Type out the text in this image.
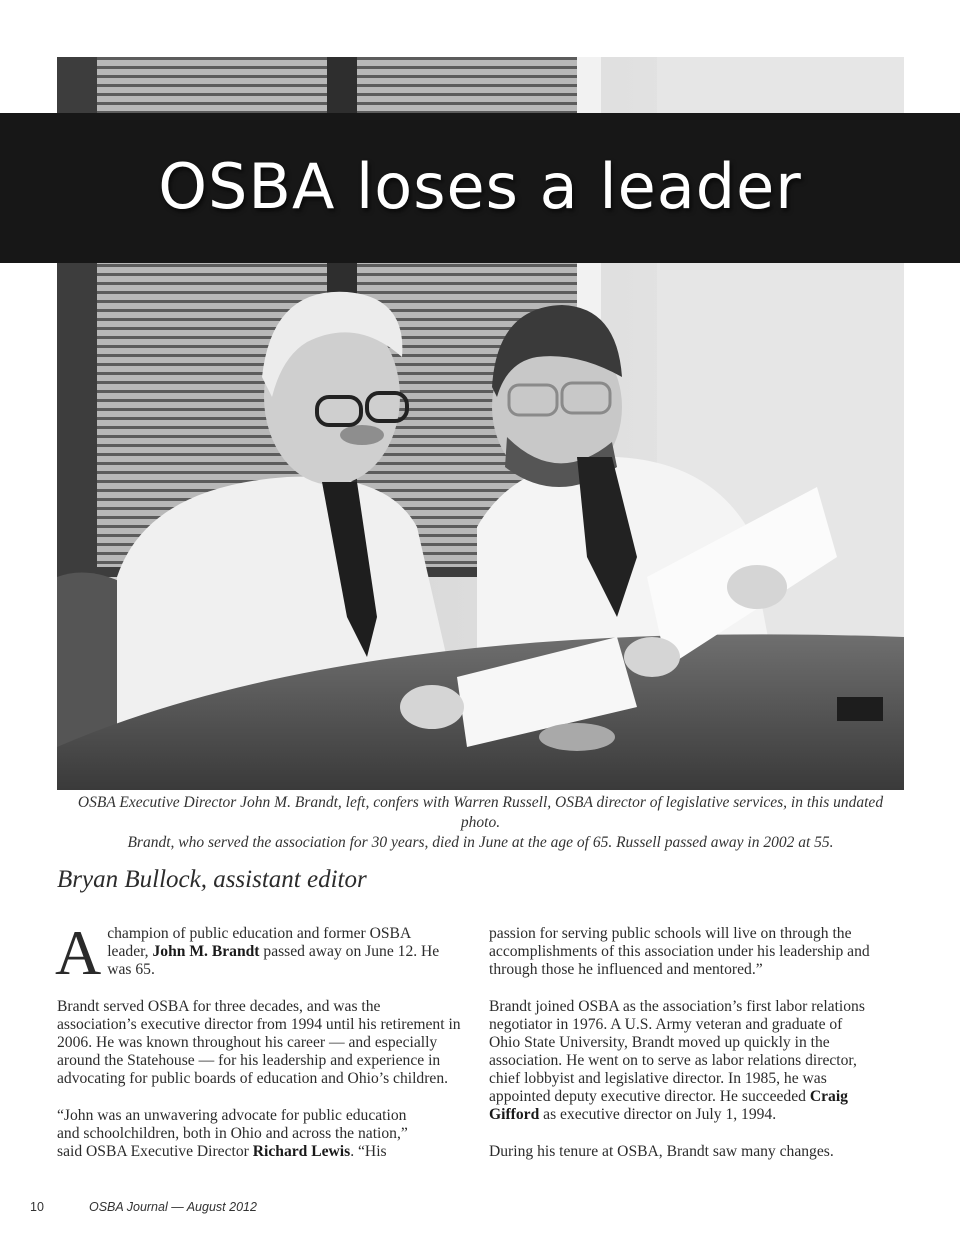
OSBA loses a leader
OSBA Executive Director John M. Brandt, left, confers with Warren Russell, OSBA director of legislative services, in this undated photo.
Brandt, who served the association for 30 years, died in June at the age of 65. Russell passed away in 2002 at 55.
Bryan Bullock, assistant editor

A champion of public education and former OSBA
leader, John M. Brandt passed away on June 12. He
was 65.

Brandt served OSBA for three decades, and was the
association’s executive director from 1994 until his retirement in
2006. He was known throughout his career — and especially
around the Statehouse — for his leadership and experience in
advocating for public boards of education and Ohio’s children.

“John was an unwavering advocate for public education
and schoolchildren, both in Ohio and across the nation,”
said OSBA Executive Director Richard Lewis. “His

passion for serving public schools will live on through the
accomplishments of this association under his leadership and
through those he influenced and mentored.”

Brandt joined OSBA as the association’s first labor relations
negotiator in 1976. A U.S. Army veteran and graduate of
Ohio State University, Brandt moved up quickly in the
association. He went on to serve as labor relations director,
chief lobbyist and legislative director. In 1985, he was
appointed deputy executive director. He succeeded Craig
Gifford as executive director on July 1, 1994.

During his tenure at OSBA, Brandt saw many changes.

10	OSBA Journal — August 2012
